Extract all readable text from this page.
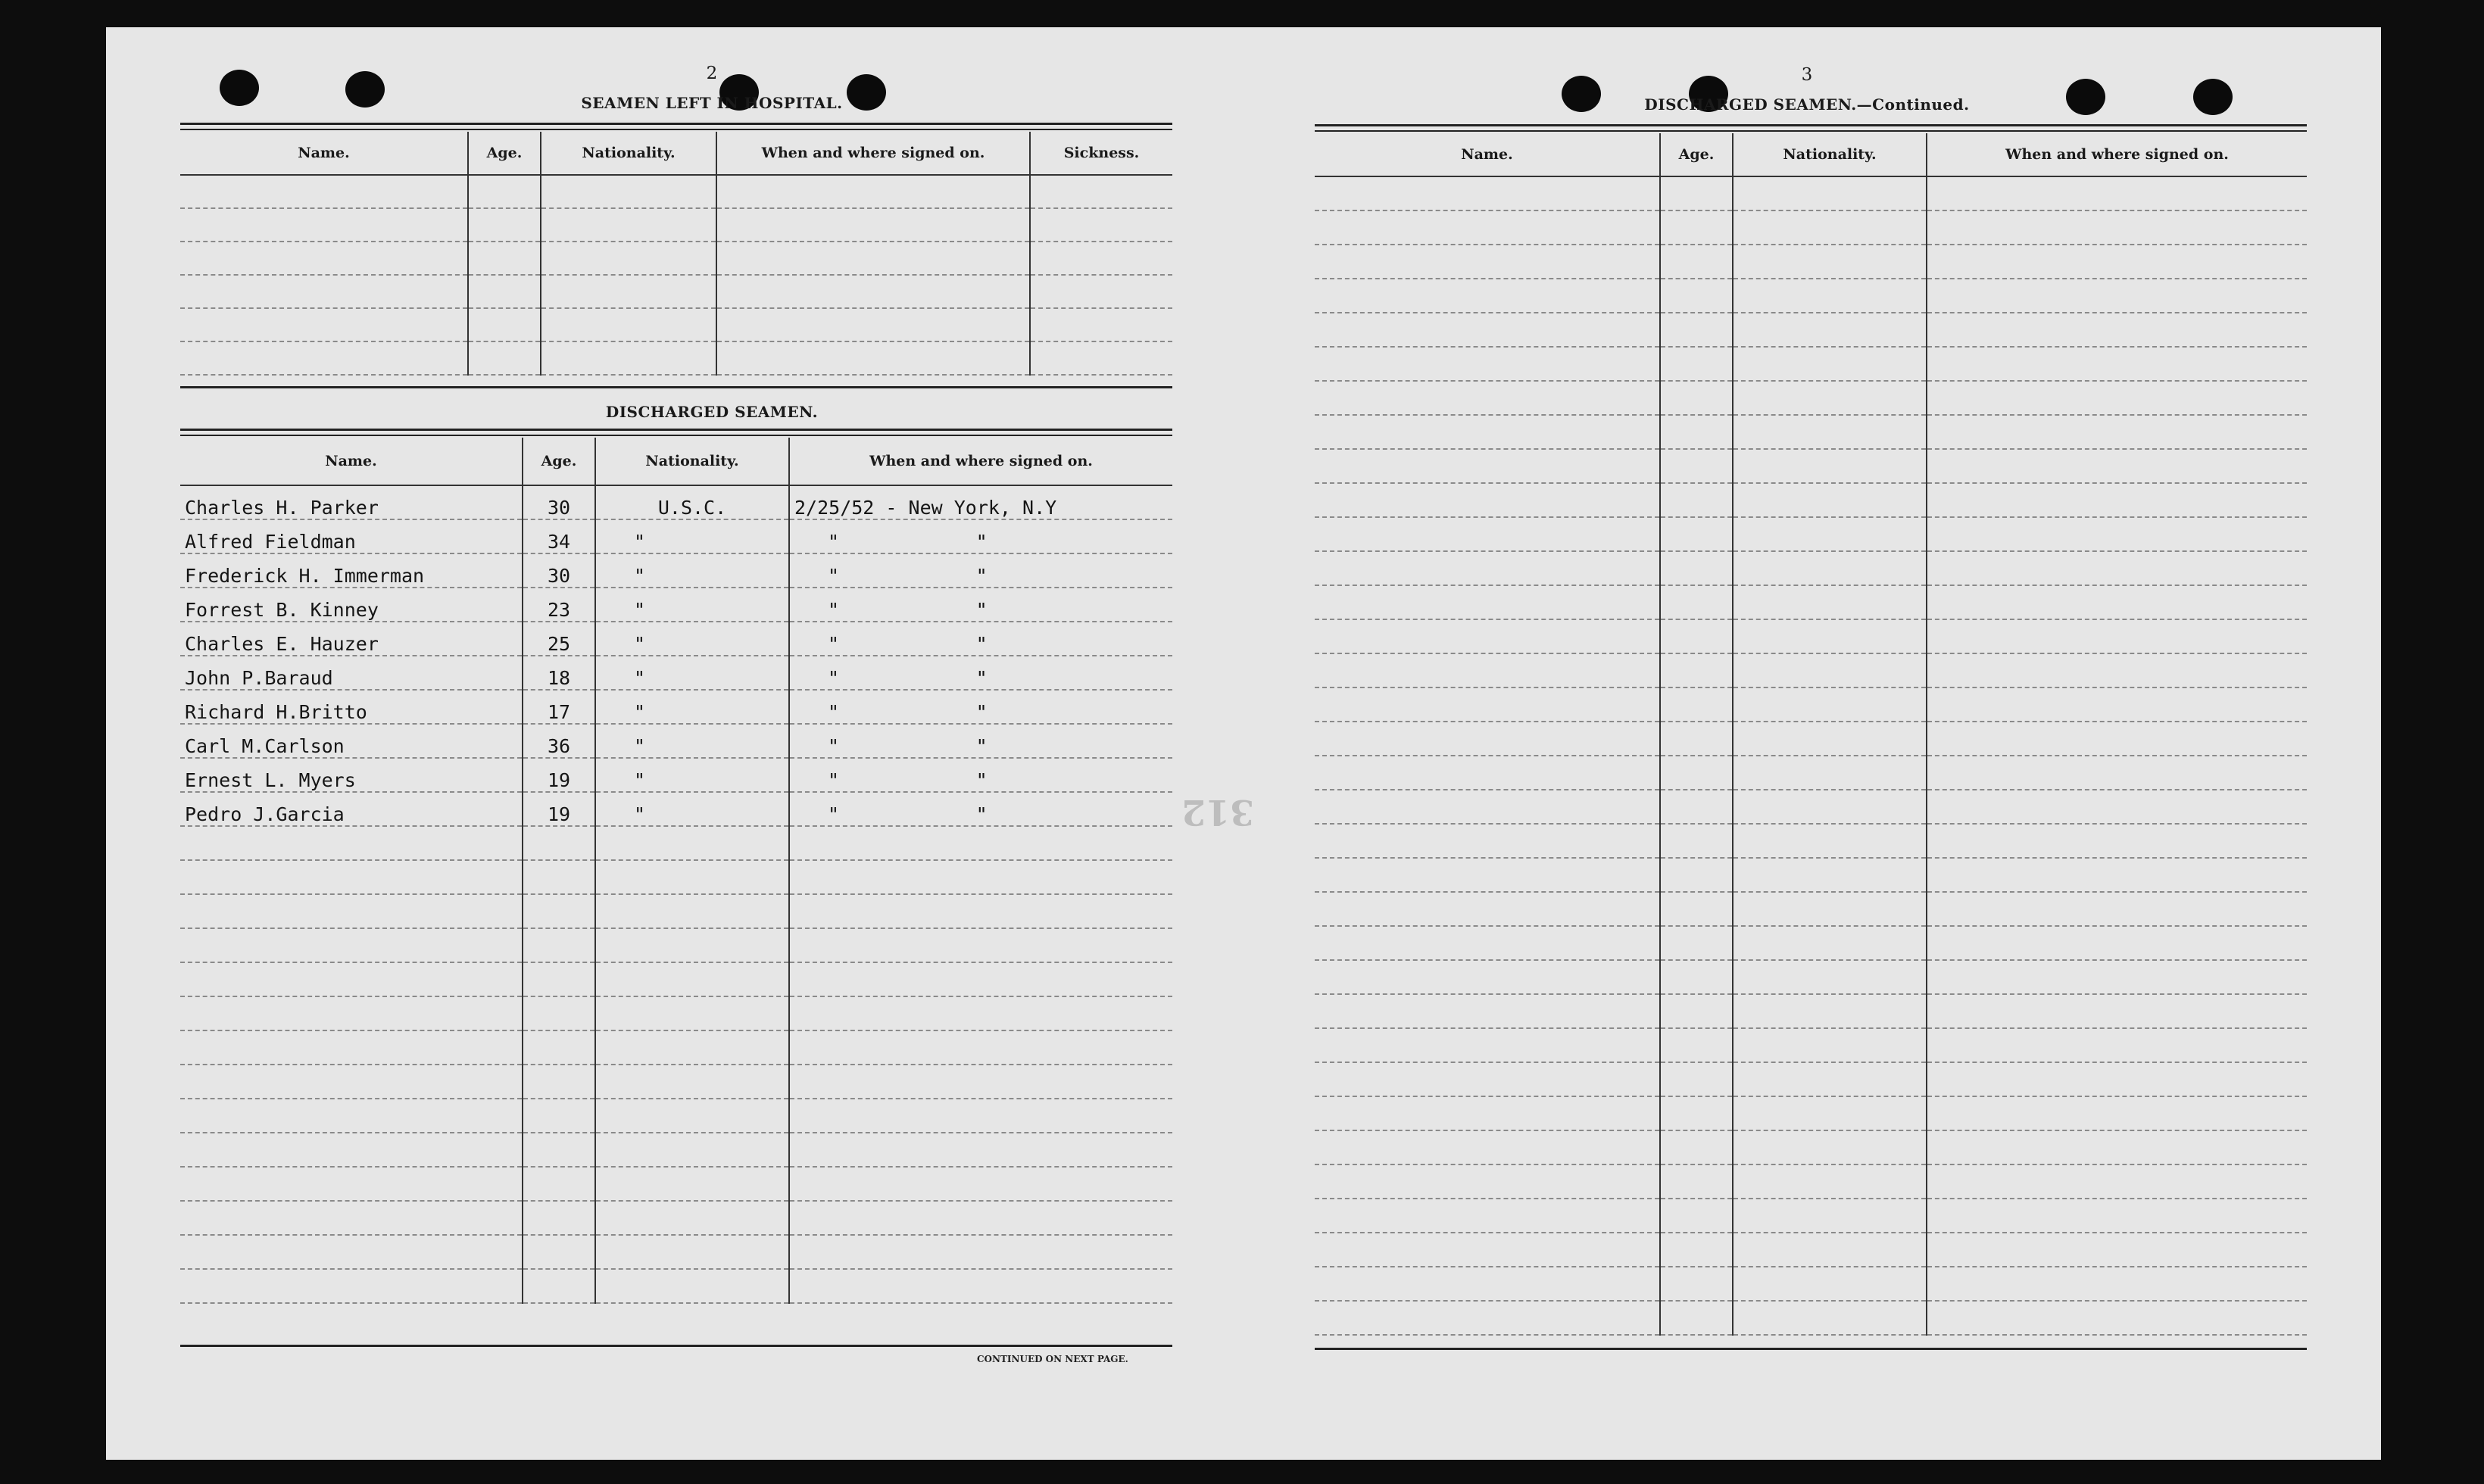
2
SEAMEN LEFT IN HOSPITAL.
Name.	Age.	Nationality.	When and where signed on.	Sickness.

DISCHARGED SEAMEN.
Name.	Age.	Nationality.	When and where signed on.
Charles H. Parker	30	U.S.C.	2/25/52 - New York, N.Y
Alfred Fieldman	34	"	"            "
Frederick H. Immerman	30	"	"            "
Forrest B. Kinney	23	"	"            "
Charles E. Hauzer	25	"	"            "
John P.Baraud	18	"	"            "
Richard H.Britto	17	"	"            "
Carl M.Carlson	36	"	"            "
Ernest L. Myers	19	"	"            "
Pedro J.Garcia	19	"	"            "

CONTINUED ON NEXT PAGE.
312
3
DISCHARGED SEAMEN.—Continued.
Name.	Age.	Nationality.	When and where signed on.
